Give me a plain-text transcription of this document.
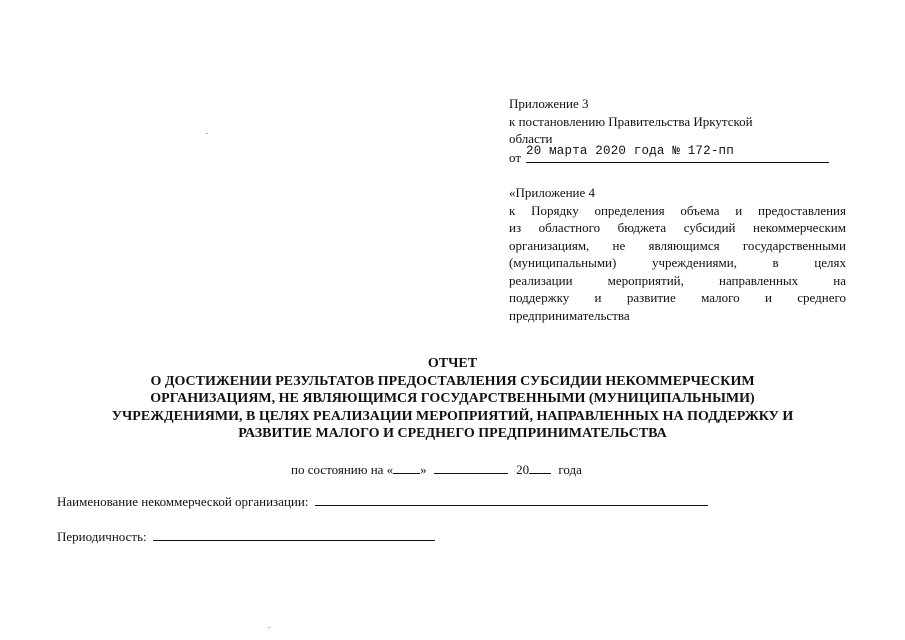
Приложение 3
к постановлению Правительства Иркутской
области
от 20 марта 2020 года № 172-пп
«Приложение 4
к Порядку определения объема и предоставления
из областного бюджета субсидий некоммерческим
организациям, не являющимся государственными
(муниципальными) учреждениями, в целях
реализации мероприятий, направленных на
поддержку и развитие малого и среднего
предпринимательства
ОТЧЕТ
О ДОСТИЖЕНИИ РЕЗУЛЬТАТОВ ПРЕДОСТАВЛЕНИЯ СУБСИДИИ НЕКОММЕРЧЕСКИМ
ОРГАНИЗАЦИЯМ, НЕ ЯВЛЯЮЩИМСЯ ГОСУДАРСТВЕННЫМИ (МУНИЦИПАЛЬНЫМИ)
УЧРЕЖДЕНИЯМИ, В ЦЕЛЯХ РЕАЛИЗАЦИИ МЕРОПРИЯТИЙ, НАПРАВЛЕННЫХ НА ПОДДЕРЖКУ И
РАЗВИТИЕ МАЛОГО И СРЕДНЕГО ПРЕДПРИНИМАТЕЛЬСТВА
по состоянию на « »	20 года
Наименование некоммерческой организации:
Периодичность:
